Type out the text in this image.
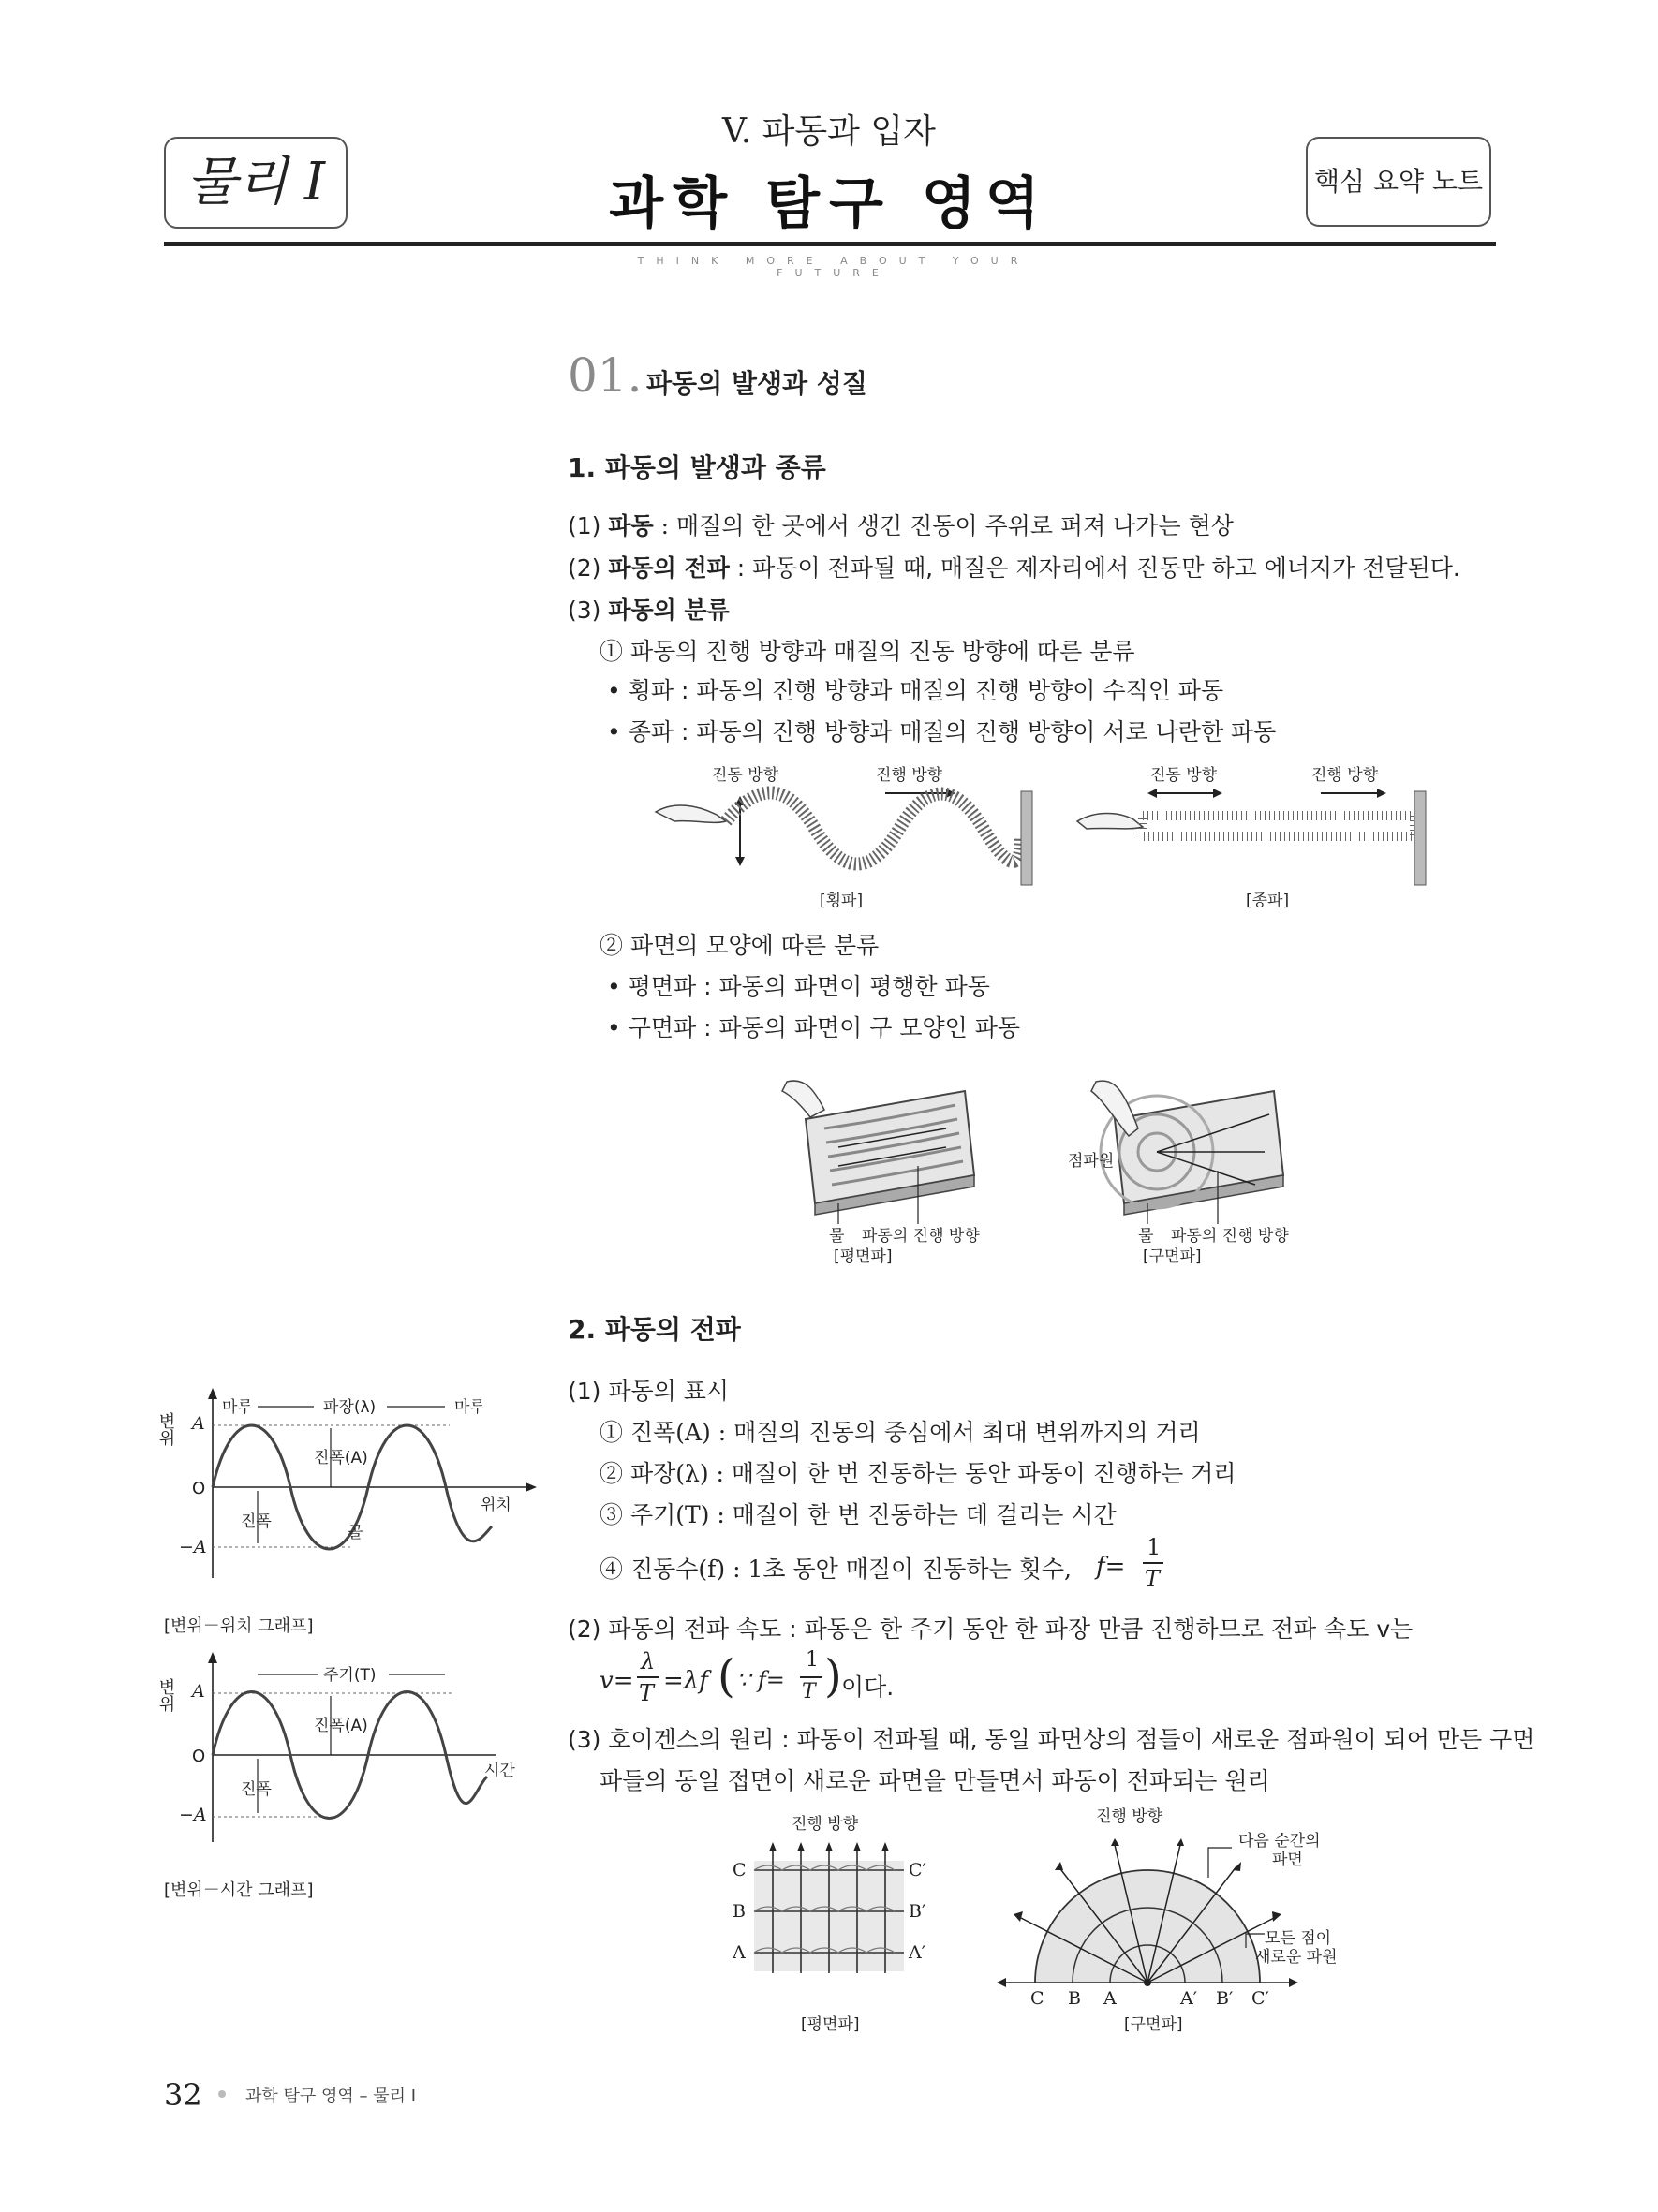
물리 I
V. 파동과 입자
과학 탐구 영역	핵심 요약 노트
THINK MORE ABOUT YOUR FUTURE
01. 파동의 발생과 성질
1. 파동의 발생과 종류
(1) 파동 : 매질의 한 곳에서 생긴 진동이 주위로 퍼져 나가는 현상
(2) 파동의 전파 : 파동이 전파될 때, 매질은 제자리에서 진동만 하고 에너지가 전달된다.
(3) 파동의 분류
① 파동의 진행 방향과 매질의 진동 방향에 따른 분류
• 횡파 : 파동의 진행 방향과 매질의 진행 방향이 수직인 파동
• 종파 : 파동의 진행 방향과 매질의 진행 방향이 서로 나란한 파동
진동 방향	진행 방향
[횡파]
진동 방향	진행 방향
[종파]
② 파면의 모양에 따른 분류
• 평면파 : 파동의 파면이 평행한 파동
• 구면파 : 파동의 파면이 구 모양인 파동
물 파동의 진행 방향
[평면파]
점파원
물 파동의 진행 방향
[구면파]
2. 파동의 전파
(1) 파동의 표시
① 진폭(A) : 매질의 진동의 중심에서 최대 변위까지의 거리
② 파장(λ) : 매질이 한 번 진동하는 동안 파동이 진행하는 거리
③ 주기(T) : 매질이 한 번 진동하는 데 걸리는 시간
④ 진동수(f) : 1초 동안 매질이 진동하는 횟수, f=
1
T
(2) 파동의 전파 속도 : 파동은 한 주기 동안 한 파장 만큼 진행하므로 전파 속도 v는
v=
λ
T =λf ( ∵ f=
1
T ) 이다.
(3) 호이겐스의 원리 : 파동이 전파될 때, 동일 파면상의 점들이 새로운 점파원이 되어 만든 구면
파들의 동일 접면이 새로운 파면을 만들면서 파동이 전파되는 원리
변위 A
O
−A
마루	마루
파장(λ)
진폭(A)
진폭
골
위치
[변위－위치 그래프]
변위 A
O
−A
주기(T)
진폭(A)
진폭
시간
[변위－시간 그래프]
진행 방향
C
B
A
C′
B′
A′
[평면파]
진행 방향
C B A	A′ B′ C′
다음 순간의
파면
모든 점이
새로운 파원
[구면파]
32	과학 탐구 영역 – 물리 I
